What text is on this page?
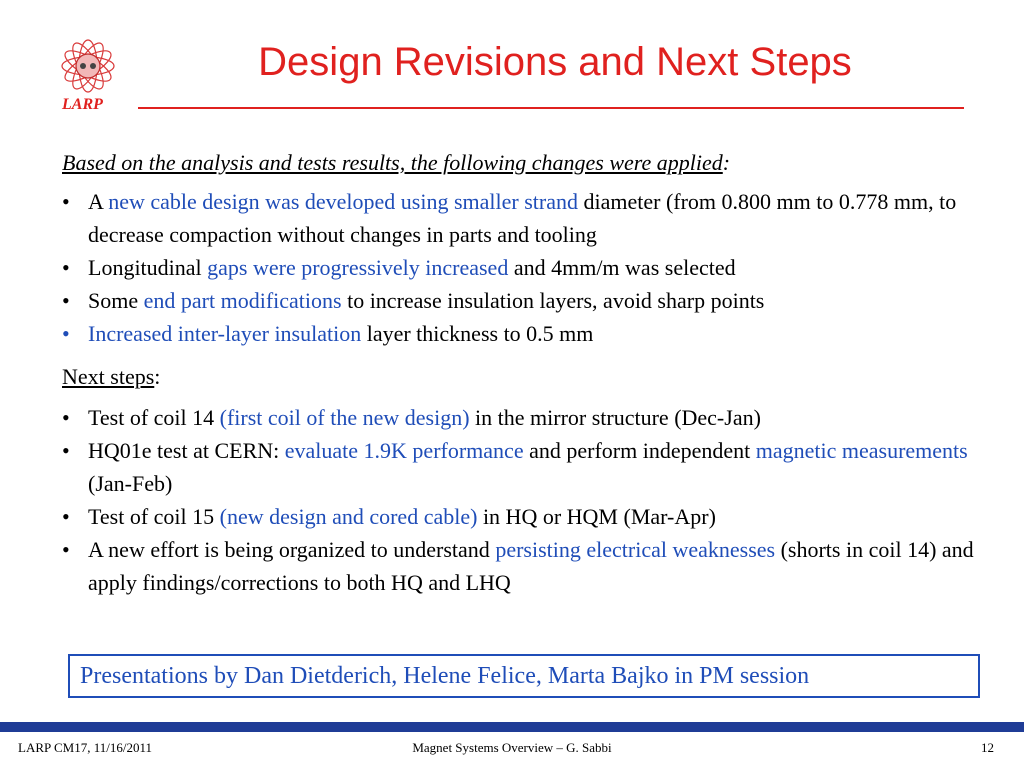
LARP
Design Revisions and Next Steps

Based on the analysis and tests results, the following changes were applied:

• A new cable design was developed using smaller strand diameter (from 0.800 mm to 0.778 mm, to decrease compaction without changes in parts and tooling
• Longitudinal gaps were progressively increased and 4mm/m was selected
• Some end part modifications to increase insulation layers, avoid sharp points
• Increased inter-layer insulation layer thickness to 0.5 mm

Next steps:

• Test of coil 14 (first coil of the new design) in the mirror structure (Dec-Jan)
• HQ01e test at CERN: evaluate 1.9K performance and perform independent magnetic measurements (Jan-Feb)
• Test of coil 15 (new design and cored cable) in HQ or HQM (Mar-Apr)
• A new effort is being organized to understand persisting electrical weaknesses (shorts in coil 14) and apply findings/corrections to both HQ and LHQ
Presentations by Dan Dietderich, Helene Felice, Marta Bajko in PM session
LARP CM17, 11/16/2011	Magnet Systems Overview – G. Sabbi	12
